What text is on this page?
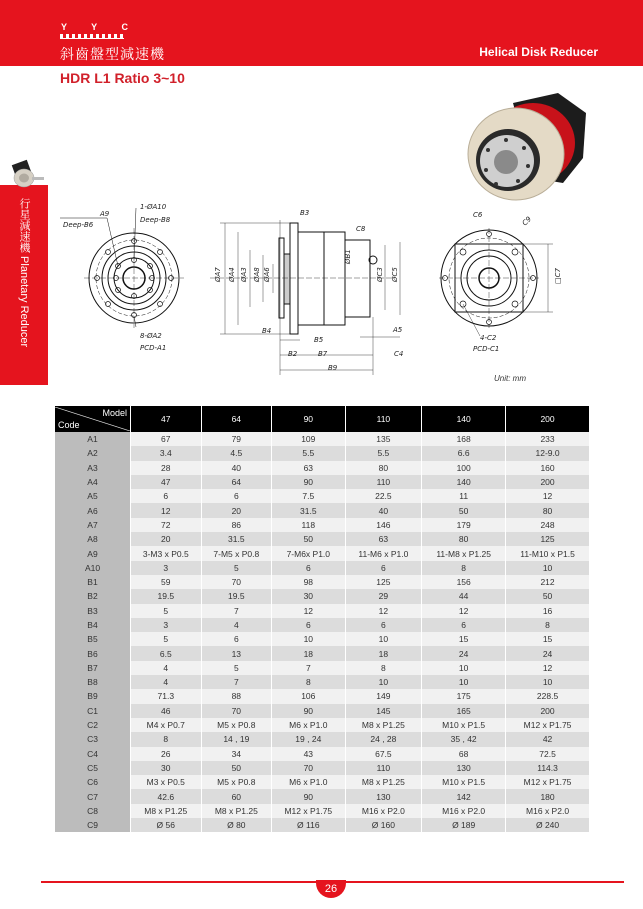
Y Y C
斜齒盤型減速機	Helical Disk Reducer
HDR L1 Ratio 3~10
行星減速機 Planetary Reducer	A9
Deep-B6
1-ØA10
Deep-B8
8-ØA2
PCD-A1
B3
C8
ØA7 ØA4 ØA3 ØA8 ØA6
ØB1
ØC3 ØC5
B4
B5
A5
B2	B7	C4
B9
C6
C9
□C7
4-C2
PCD-C1
Unit: mm
Model
Code	47	64	90	110	140	200
A1	67	79	109	135	168	233
A2	3.4	4.5	5.5	5.5	6.6	12-9.0
A3	28	40	63	80	100	160
A4	47	64	90	110	140	200
A5	6	6	7.5	22.5	11	12
A6	12	20	31.5	40	50	80
A7	72	86	118	146	179	248
A8	20	31.5	50	63	80	125
A9	3-M3 x P0.5	7-M5 x P0.8	7-M6x P1.0	11-M6 x P1.0	11-M8 x P1.25	11-M10 x P1.5
A10	3	5	6	6	8	10
B1	59	70	98	125	156	212
B2	19.5	19.5	30	29	44	50
B3	5	7	12	12	12	16
B4	3	4	6	6	6	8
B5	5	6	10	10	15	15
B6	6.5	13	18	18	24	24
B7	4	5	7	8	10	12
B8	4	7	8	10	10	10
B9	71.3	88	106	149	175	228.5
C1	46	70	90	145	165	200
C2	M4 x P0.7	M5 x P0.8	M6 x P1.0	M8 x P1.25	M10 x P1.5	M12 x P1.75
C3	8	14 , 19	19 , 24	24 , 28	35 , 42	42
C4	26	34	43	67.5	68	72.5
C5	30	50	70	110	130	114.3
C6	M3 x P0.5	M5 x P0.8	M6 x P1.0	M8 x P1.25	M10 x P1.5	M12 x P1.75
C7	42.6	60	90	130	142	180
C8	M8 x P1.25	M8 x P1.25	M12 x P1.75	M16 x P2.0	M16 x P2.0	M16 x P2.0
C9	Ø 56	Ø 80	Ø 116	Ø 160	Ø 189	Ø 240
26
